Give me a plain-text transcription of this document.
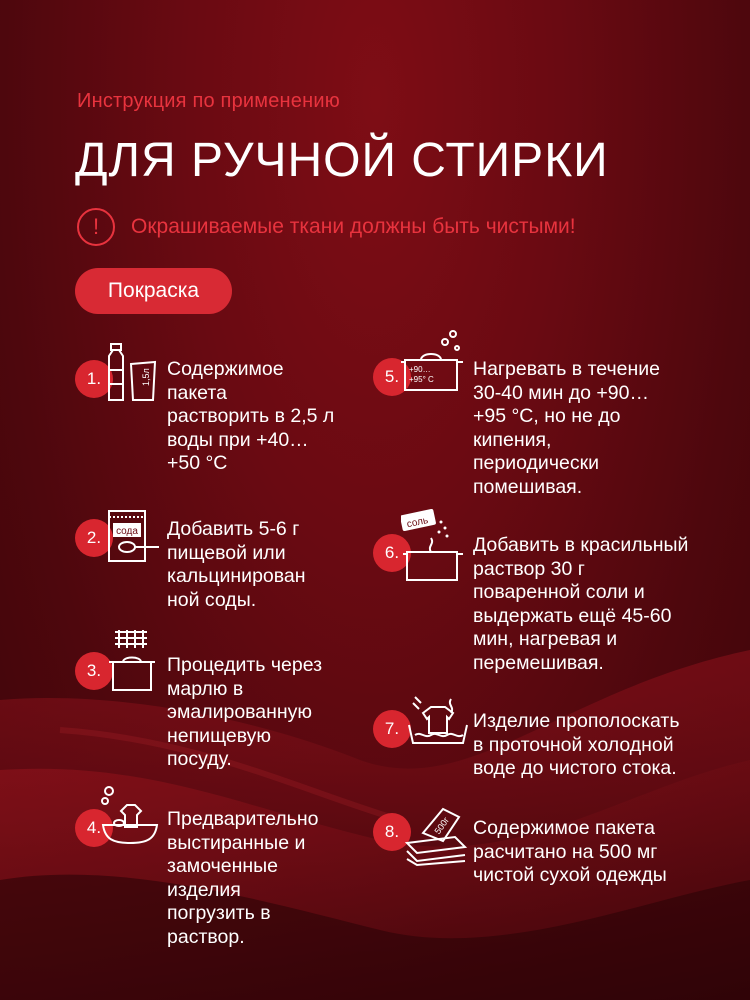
Инструкция по применению
ДЛЯ РУЧНОЙ СТИРКИ
!	Окрашиваемые ткани должны быть чистыми!
Покраска
1.	1,5л Содержимое
пакета
растворить в 2,5 л
воды при +40…
+50 °С
2.	сода Добавить 5-6 г
пищевой или
кальцинирован
ной соды.
3.	Процедить через
марлю в
эмалированную
непищевую
посуду.
4.	Предварительно
выстиранные и
замоченные
изделия
погрузить в
раствор.
5.	+90… +95° С Нагревать в течение
30-40 мин до +90…
+95 °С, но не до
кипения,
периодически
помешивая.
6.
соль
Добавить в красильный
раствор 30 г
поваренной соли и
выдержать ещё 45-60
мин, нагревая и
перемешивая.
7.	Изделие прополоскать
в проточной холодной
воде до чистого стока.
8.	500г Содержимое пакета
расчитано на 500 мг
чистой сухой одежды
